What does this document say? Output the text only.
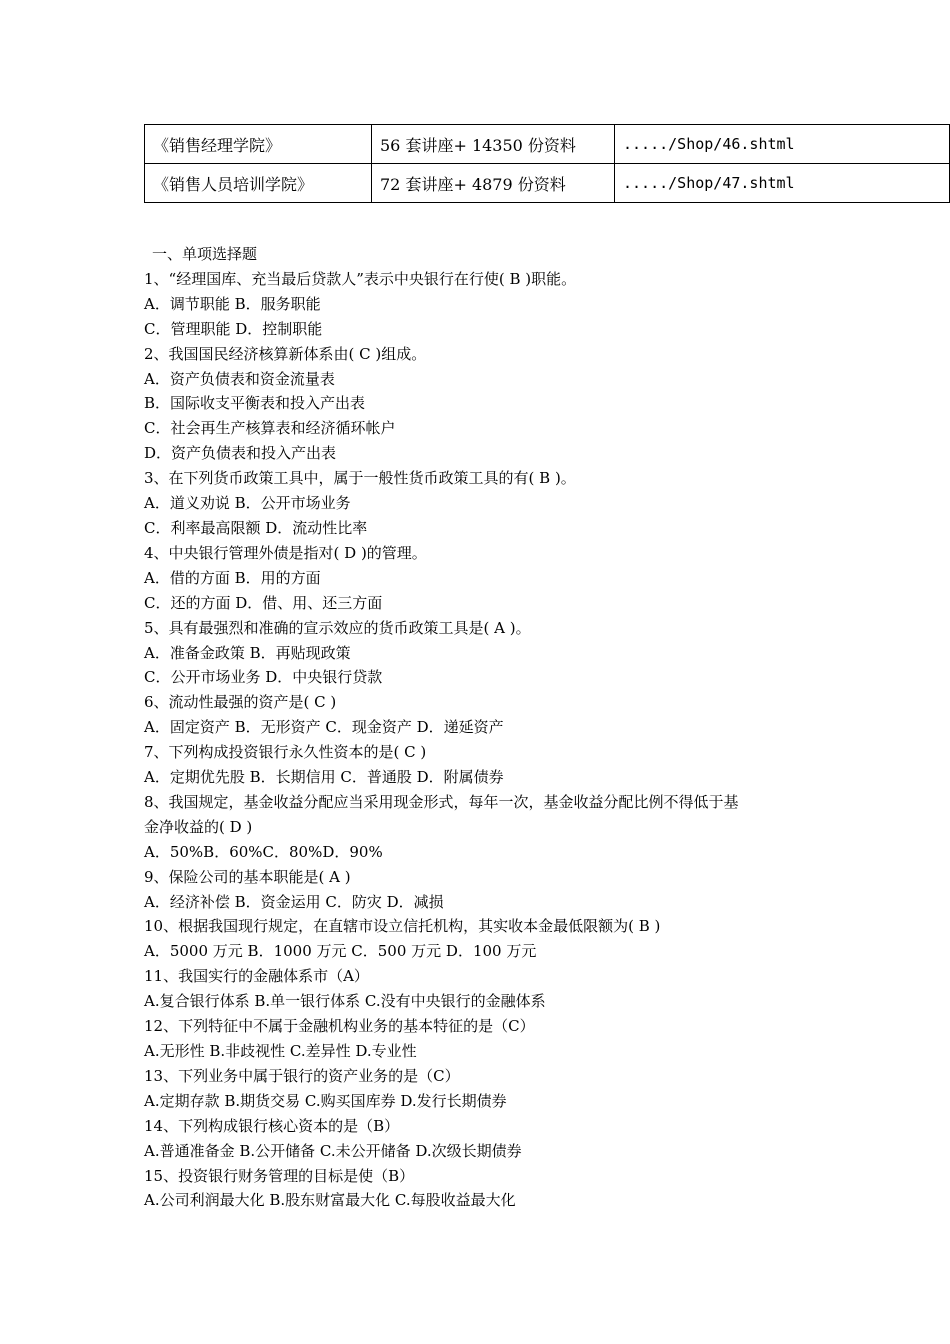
《销售经理学院》	56 套讲座+ 14350 份资料	...../Shop/46.shtml
《销售人员培训学院》	72 套讲座+ 4879 份资料	...../Shop/47.shtml
一、单项选择题
1、“经理国库、充当最后贷款人”表示中央银行在行使( B )职能。
A．调节职能 B．服务职能
C．管理职能 D．控制职能
2、我国国民经济核算新体系由( C )组成。
A．资产负债表和资金流量表
B．国际收支平衡表和投入产出表
C．社会再生产核算表和经济循环帐户
D．资产负债表和投入产出表
3、在下列货币政策工具中，属于一般性货币政策工具的有( B )。
A．道义劝说 B．公开市场业务
C．利率最高限额 D．流动性比率
4、中央银行管理外债是指对( D )的管理。
A．借的方面 B．用的方面
C．还的方面 D．借、用、还三方面
5、具有最强烈和准确的宣示效应的货币政策工具是( A )。
A．准备金政策 B．再贴现政策
C．公开市场业务 D．中央银行贷款
6、流动性最强的资产是( C )
A．固定资产 B．无形资产 C．现金资产 D．递延资产
7、下列构成投资银行永久性资本的是( C )
A．定期优先股 B．长期信用 C．普通股 D．附属债券
8、我国规定，基金收益分配应当采用现金形式，每年一次，基金收益分配比例不得低于基
金净收益的( D )
A．50%B．60%C．80%D．90%
9、保险公司的基本职能是( A )
A．经济补偿 B．资金运用 C．防灾 D．减损
10、根据我国现行规定，在直辖市设立信托机构，其实收本金最低限额为( B )
A．5000 万元 B．1000 万元 C．500 万元 D．100 万元
11、我国实行的金融体系市（A）
A.复合银行体系 B.单一银行体系 C.没有中央银行的金融体系
12、下列特征中不属于金融机构业务的基本特征的是（C）
A.无形性 B.非歧视性 C.差异性 D.专业性
13、下列业务中属于银行的资产业务的是（C）
A.定期存款 B.期货交易 C.购买国库券 D.发行长期债券
14、下列构成银行核心资本的是（B）
A.普通准备金 B.公开储备 C.未公开储备 D.次级长期债券
15、投资银行财务管理的目标是使（B）
A.公司利润最大化 B.股东财富最大化 C.每股收益最大化
